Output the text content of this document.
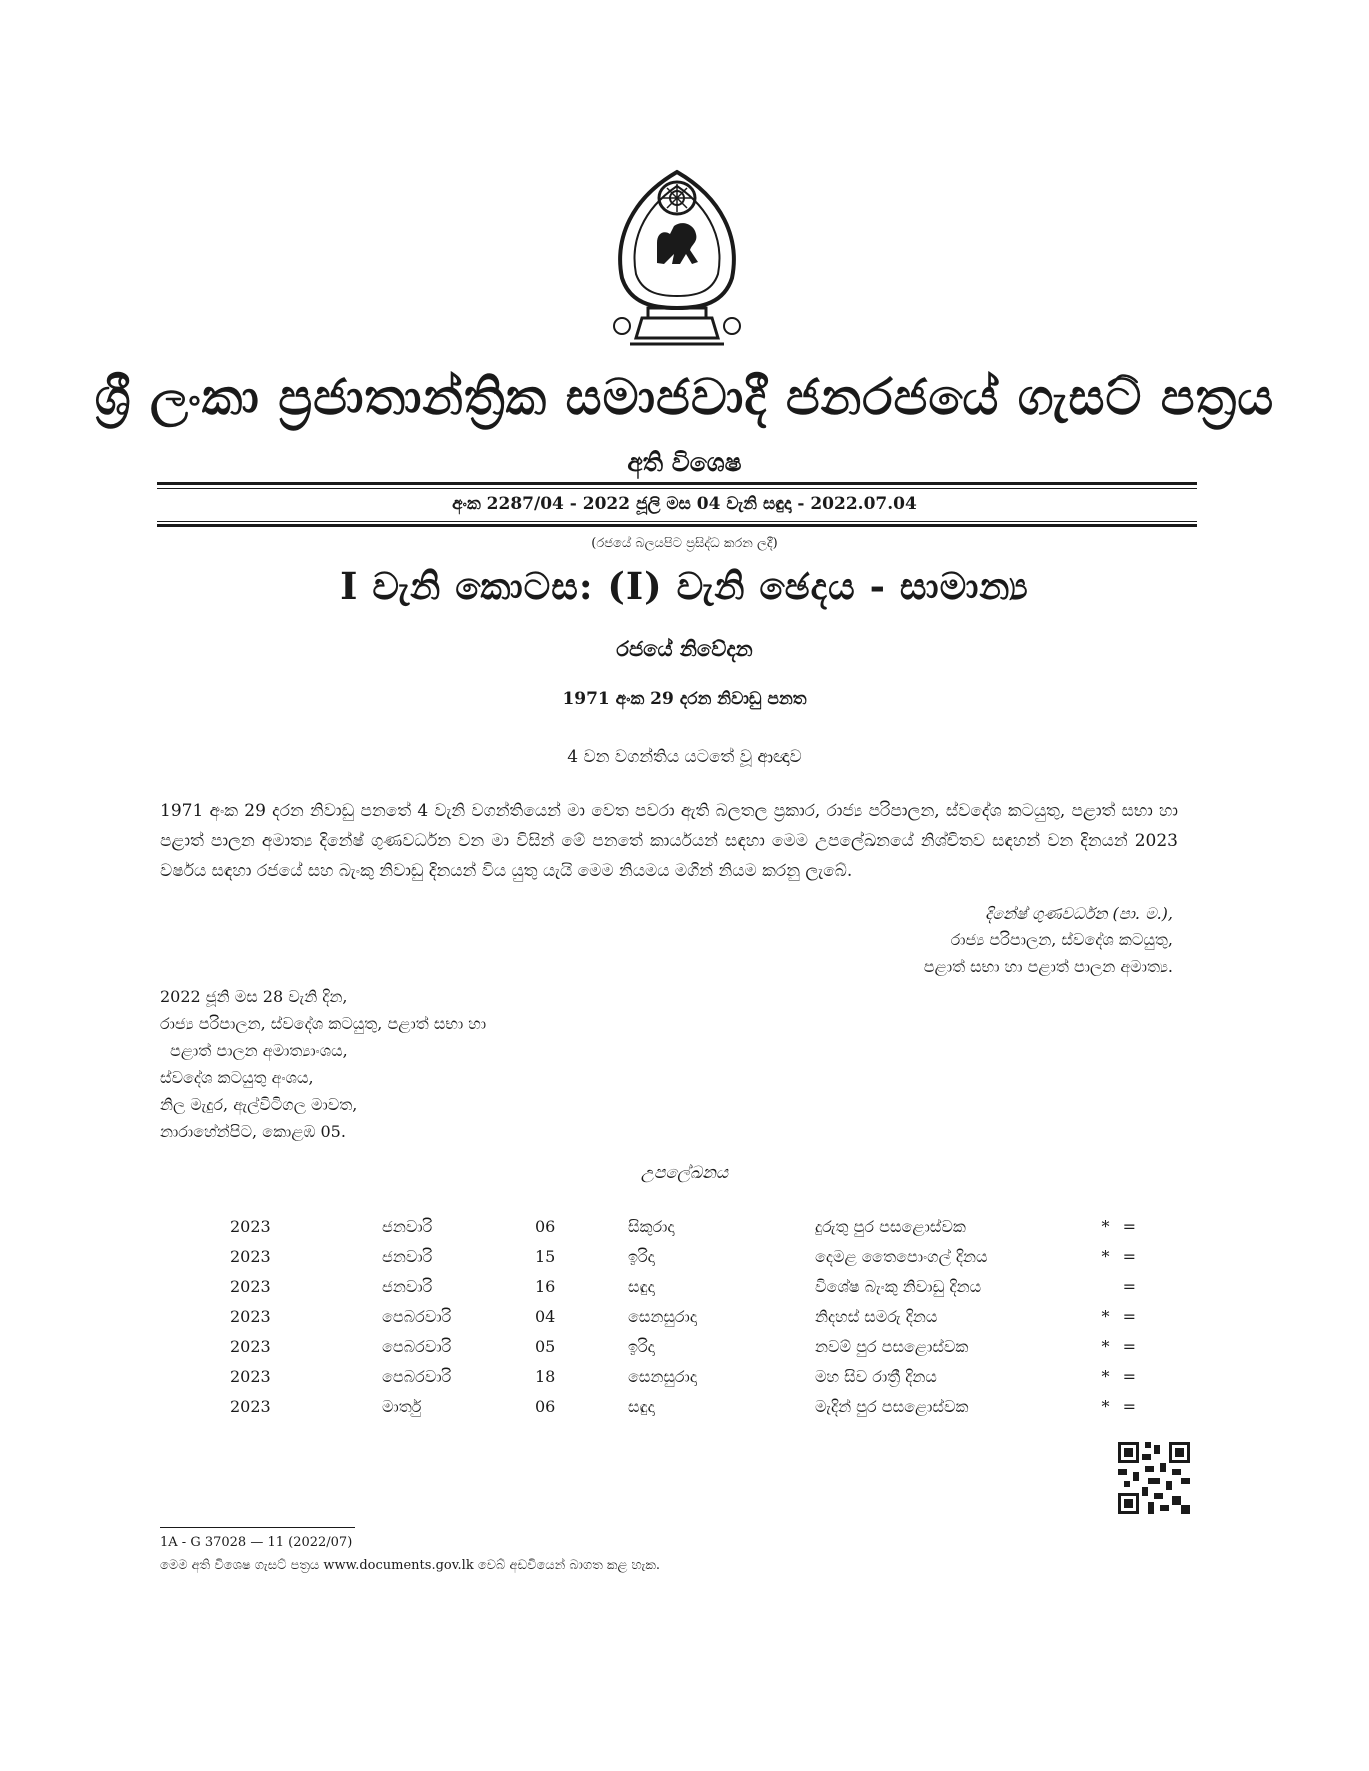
ශ්‍රී ලංකා ප්‍රජාතාන්ත්‍රික සමාජවාදී ජනරජයේ ගැසට් පත්‍රය
අති විශෙෂ
අංක 2287/04 - 2022 ජූලි මස 04 වැනි සඳුදා - 2022.07.04
(රජයේ බලයපිට ප්‍රසිද්ධ කරන ලදී)
I වැනි කොටස: (I) වැනි ඡෙදය - සාමාන්‍ය
රජයේ නිවේදන
1971 අංක 29 දරන නිවාඩු පනත
4 වන වගන්තිය යටතේ වූ ආඥාව
1971 අංක 29 දරන නිවාඩු පනතේ 4 වැනි වගන්තියෙන් මා වෙත පවරා ඇති බලතල ප්‍රකාර, රාජ්‍ය පරිපාලන, ස්වදේශ කටයුතු, පළාත් සභා හා පළාත් පාලන අමාත්‍ය දිනේෂ් ගුණවර්ධන වන මා විසින් මේ පනතේ කාර්යයන් සඳහා මෙම උපලේඛනයේ නිශ්චිතව සඳහන් වන දිනයන් 2023 වර්ෂය සඳහා රජයේ සහ බැංකු නිවාඩු දිනයන් විය යුතු යැයි මෙම නියමය මගින් නියම කරනු ලැබේ.
දිනේෂ් ගුණවර්ධන (පා. ම.),
රාජ්‍ය පරිපාලන, ස්වදේශ කටයුතු,
පළාත් සභා හා පළාත් පාලන අමාත්‍ය.
2022 ජූනි මස 28 වැනි දින,
රාජ්‍ය පරිපාලන, ස්වදේශ කටයුතු, පළාත් සභා හා
පළාත් පාලන අමාත්‍යාංශය,
ස්වදේශ කටයුතු අංශය,
නිල මැදුර, ඇල්විටිගල මාවත,
නාරාහේන්පිට, කොළඹ 05.
උපලේඛනය
2023	ජනවාරි	06	සිකුරාදා	දුරුතු පුර පසළොස්වක	* =
2023	ජනවාරි	15	ඉරිදා	දෙමළ තෛපොංගල් දිනය	* =
2023	ජනවාරි	16	සඳුදා	විශේෂ බැංකු නිවාඩු දිනය	=
2023	පෙබරවාරි	04	සෙනසුරාදා	නිදහස් සමරු දිනය	* =
2023	පෙබරවාරි	05	ඉරිදා	නවම් පුර පසළොස්වක	* =
2023	පෙබරවාරි	18	සෙනසුරාදා	මහ සිව රාත්‍රී දිනය	* =
2023	මාර්තු	06	සඳුදා	මැදින් පුර පසළොස්වක	* =
1A - G 37028 — 11 (2022/07)
මෙම අති විශෙෂ ගැසට් පත්‍රය www.documents.gov.lk වෙබ් අඩවියෙන් බාගත කළ හැක.
